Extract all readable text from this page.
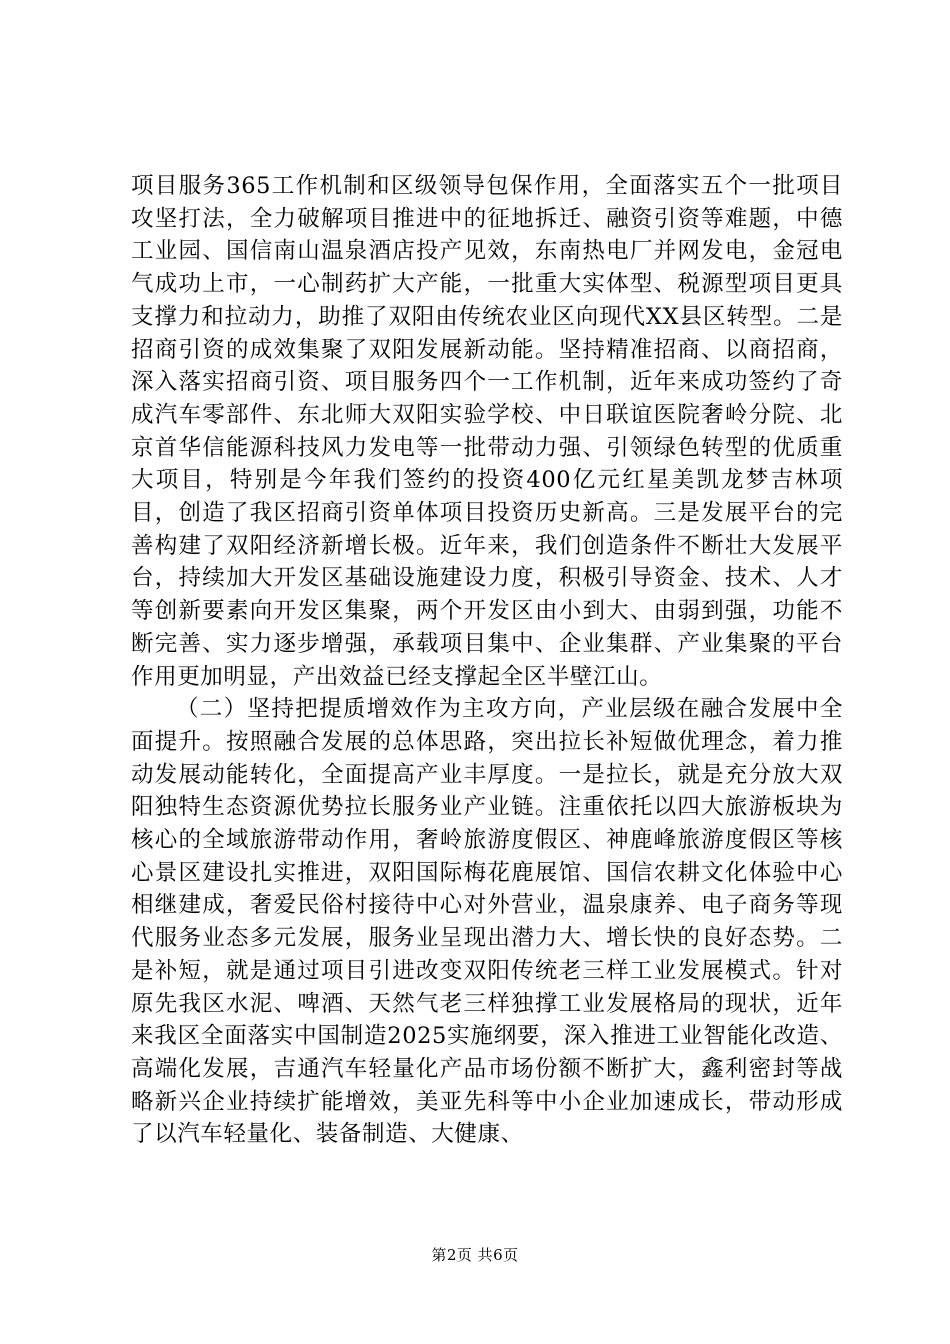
项目服务365工作机制和区级领导包保作用，全面落实五个一批项目攻坚打法，全力破解项目推进中的征地拆迁、融资引资等难题，中德工业园、国信南山温泉酒店投产见效，东南热电厂并网发电，金冠电气成功上市，一心制药扩大产能，一批重大实体型、税源型项目更具支撑力和拉动力，助推了双阳由传统农业区向现代XX县区转型。二是招商引资的成效集聚了双阳发展新动能。坚持精准招商、以商招商，深入落实招商引资、项目服务四个一工作机制，近年来成功签约了奇成汽车零部件、东北师大双阳实验学校、中日联谊医院奢岭分院、北京首华信能源科技风力发电等一批带动力强、引领绿色转型的优质重大项目，特别是今年我们签约的投资400亿元红星美凯龙梦吉林项目，创造了我区招商引资单体项目投资历史新高。三是发展平台的完善构建了双阳经济新增长极。近年来，我们创造条件不断壮大发展平台，持续加大开发区基础设施建设力度，积极引导资金、技术、人才等创新要素向开发区集聚，两个开发区由小到大、由弱到强，功能不断完善、实力逐步增强，承载项目集中、企业集群、产业集聚的平台作用更加明显，产出效益已经支撑起全区半壁江山。

（二）坚持把提质增效作为主攻方向，产业层级在融合发展中全面提升。按照融合发展的总体思路，突出拉长补短做优理念，着力推动发展动能转化，全面提高产业丰厚度。一是拉长，就是充分放大双阳独特生态资源优势拉长服务业产业链。注重依托以四大旅游板块为核心的全域旅游带动作用，奢岭旅游度假区、神鹿峰旅游度假区等核心景区建设扎实推进，双阳国际梅花鹿展馆、国信农耕文化体验中心相继建成，奢爱民俗村接待中心对外营业，温泉康养、电子商务等现代服务业态多元发展，服务业呈现出潜力大、增长快的良好态势。二是补短，就是通过项目引进改变双阳传统老三样工业发展模式。针对原先我区水泥、啤酒、天然气老三样独撑工业发展格局的现状，近年来我区全面落实中国制造2025实施纲要，深入推进工业智能化改造、高端化发展，吉通汽车轻量化产品市场份额不断扩大，鑫利密封等战略新兴企业持续扩能增效，美亚先科等中小企业加速成长，带动形成了以汽车轻量化、装备制造、大健康、

第2页 共6页
